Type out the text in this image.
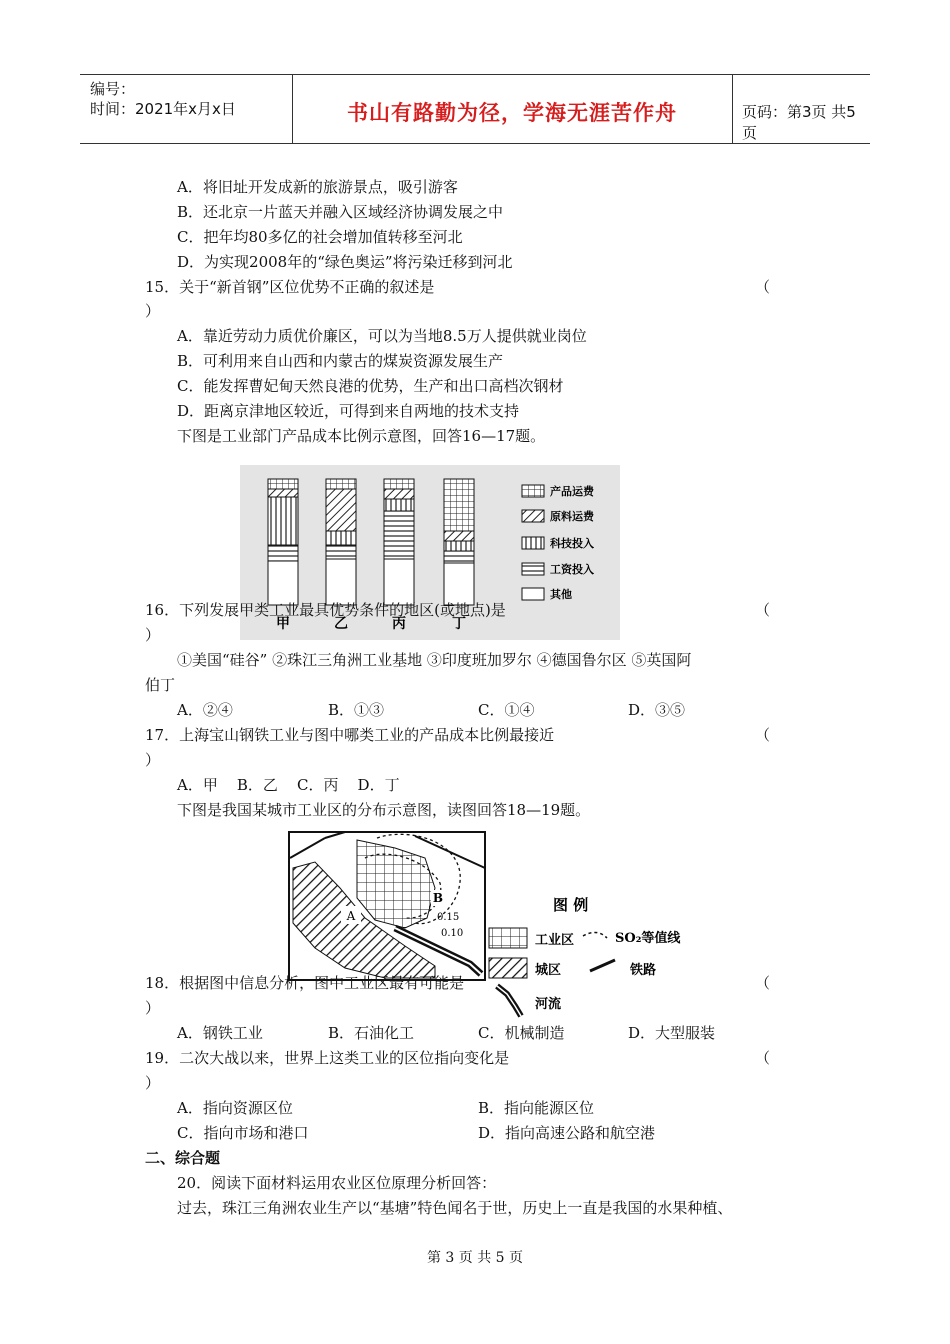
编号：
时间：2021年x月x日	书山有路勤为径，学海无涯苦作舟	页码：第3页 共5页
A．将旧址开发成新的旅游景点，吸引游客
B．还北京一片蓝天并融入区域经济协调发展之中
C．把年均80多亿的社会增加值转移至河北
D．为实现2008年的“绿色奥运”将污染迁移到河北
15．关于“新首钢”区位优势不正确的叙述是	（
）
A．靠近劳动力质优价廉区，可以为当地8.5万人提供就业岗位
B．可利用来自山西和内蒙古的煤炭资源发展生产
C．能发挥曹妃甸天然良港的优势，生产和出口高档次钢材
D．距离京津地区较近，可得到来自两地的技术支持
下图是工业部门产品成本比例示意图，回答16—17题。
甲	乙	丙	丁
产品运费
原料运费
科技投入
工资投入
其他
16．下列发展甲类工业最具优势条件的地区(或地点)是	（
）
①美国“硅谷” ②珠江三角洲工业基地 ③印度班加罗尔 ④德国鲁尔区 ⑤英国阿
伯丁
A．②④	B．①③	C．①④	D．③⑤
17．上海宝山钢铁工业与图中哪类工业的产品成本比例最接近	（
）
A．甲    B．乙    C．丙    D．丁
下图是我国某城市工业区的分布示意图，读图回答18—19题。
A
B
0.15
0.10
图 例
工业区	SO₂等值线
城区	铁路
河流
18．根据图中信息分析，图中工业区最有可能是	（
）
A．钢铁工业	B．石油化工	C．机械制造	D．大型服装
19．二次大战以来，世界上这类工业的区位指向变化是	（
）
A．指向资源区位	B．指向能源区位
C．指向市场和港口	D．指向高速公路和航空港
二、综合题
20．阅读下面材料运用农业区位原理分析回答：
过去，珠江三角洲农业生产以“基塘”特色闻名于世，历史上一直是我国的水果种植、
第 3 页 共 5 页
